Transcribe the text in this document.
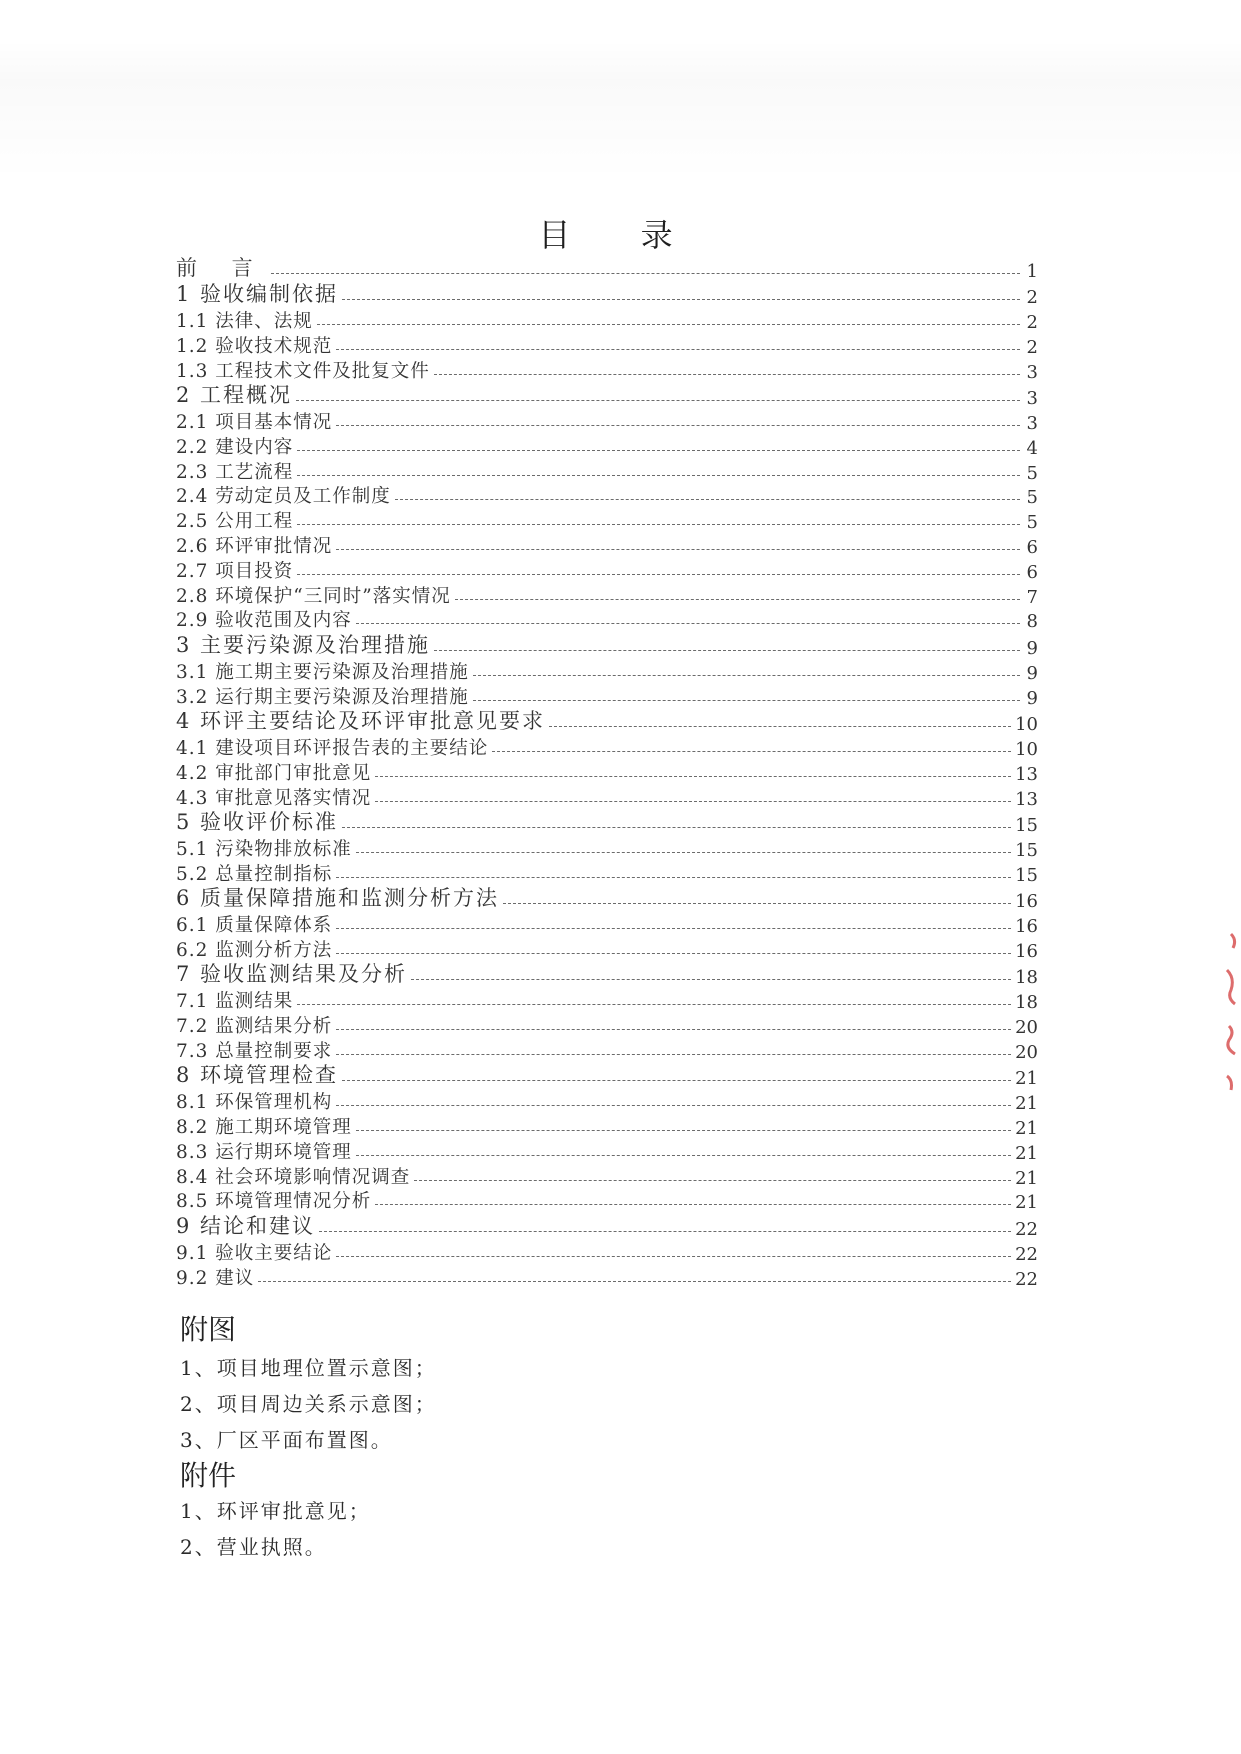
目 录
前 言	1
1 验收编制依据	2
1.1 法律、法规	2
1.2 验收技术规范	2
1.3 工程技术文件及批复文件	3
2 工程概况	3
2.1 项目基本情况	3
2.2 建设内容	4
2.3 工艺流程	5
2.4 劳动定员及工作制度	5
2.5 公用工程	5
2.6 环评审批情况	6
2.7 项目投资	6
2.8 环境保护“三同时”落实情况	7
2.9 验收范围及内容	8
3 主要污染源及治理措施	9
3.1 施工期主要污染源及治理措施	9
3.2 运行期主要污染源及治理措施	9
4 环评主要结论及环评审批意见要求	10
4.1 建设项目环评报告表的主要结论	10
4.2 审批部门审批意见	13
4.3 审批意见落实情况	13
5 验收评价标准	15
5.1 污染物排放标准	15
5.2 总量控制指标	15
6 质量保障措施和监测分析方法	16
6.1 质量保障体系	16
6.2 监测分析方法	16
7 验收监测结果及分析	18
7.1 监测结果	18
7.2 监测结果分析	20
7.3 总量控制要求	20
8 环境管理检查	21
8.1 环保管理机构	21
8.2 施工期环境管理	21
8.3 运行期环境管理	21
8.4 社会环境影响情况调查	21
8.5 环境管理情况分析	21
9 结论和建议	22
9.1 验收主要结论	22
9.2 建议	22
附图
1、项目地理位置示意图；
2、项目周边关系示意图；
3、厂区平面布置图。
附件
1、环评审批意见；
2、营业执照。
